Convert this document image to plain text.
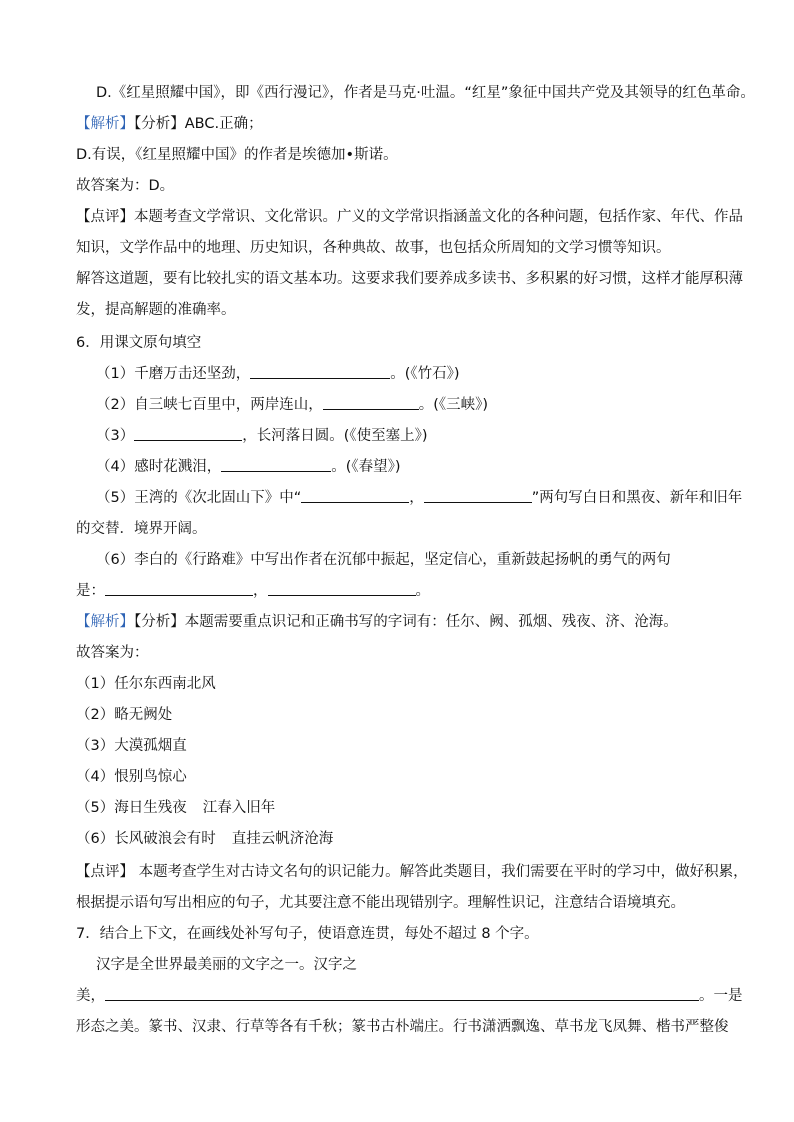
D.《红星照耀中国》，即《西行漫记》，作者是马克·吐温。“红星”象征中国共产党及其领导的红色革命。
【解析】【分析】ABC.正确；
D.有误，《红星照耀中国》的作者是埃德加•斯诺。
故答案为：D。
【点评】本题考查文学常识、文化常识。广义的文学常识指涵盖文化的各种问题，包括作家、年代、作品
知识，文学作品中的地理、历史知识，各种典故、故事，也包括众所周知的文学习惯等知识。
解答这道题，要有比较扎实的语文基本功。这要求我们要养成多读书、多积累的好习惯，这样才能厚积薄
发，提高解题的准确率。
6．用课文原句填空
（1）千磨万击还坚劲，	。(《竹石》)
（2）自三峡七百里中，两岸连山，	。(《三峡》)
（3）	，长河落日圆。(《使至塞上》)
（4）感时花溅泪，	。(《春望》)
（5）王湾的《次北固山下》中“	，	”两句写白日和黑夜、新年和旧年
的交替．境界开阔。
（6）李白的《行路难》中写出作者在沉郁中振起，坚定信心，重新鼓起扬帆的勇气的两句
是：	，	。
【解析】【分析】本题需要重点识记和正确书写的字词有：任尔、阙、孤烟、残夜、济、沧海。
故答案为：
（1）任尔东西南北风
（2）略无阙处
（3）大漠孤烟直
（4）恨别鸟惊心
（5）海日生残夜 江春入旧年
（6）长风破浪会有时 直挂云帆济沧海
【点评】 本题考查学生对古诗文名句的识记能力。解答此类题目，我们需要在平时的学习中，做好积累，
根据提示语句写出相应的句子，尤其要注意不能出现错别字。理解性识记，注意结合语境填充。
7．结合上下文，在画线处补写句子，使语意连贯，每处不超过 8 个字。
汉字是全世界最美丽的文字之一。汉字之
美，	。一是
形态之美。篆书、汉隶、行草等各有千秋；篆书古朴端庄。行书潇洒飘逸、草书龙飞凤舞、楷书严整俊
